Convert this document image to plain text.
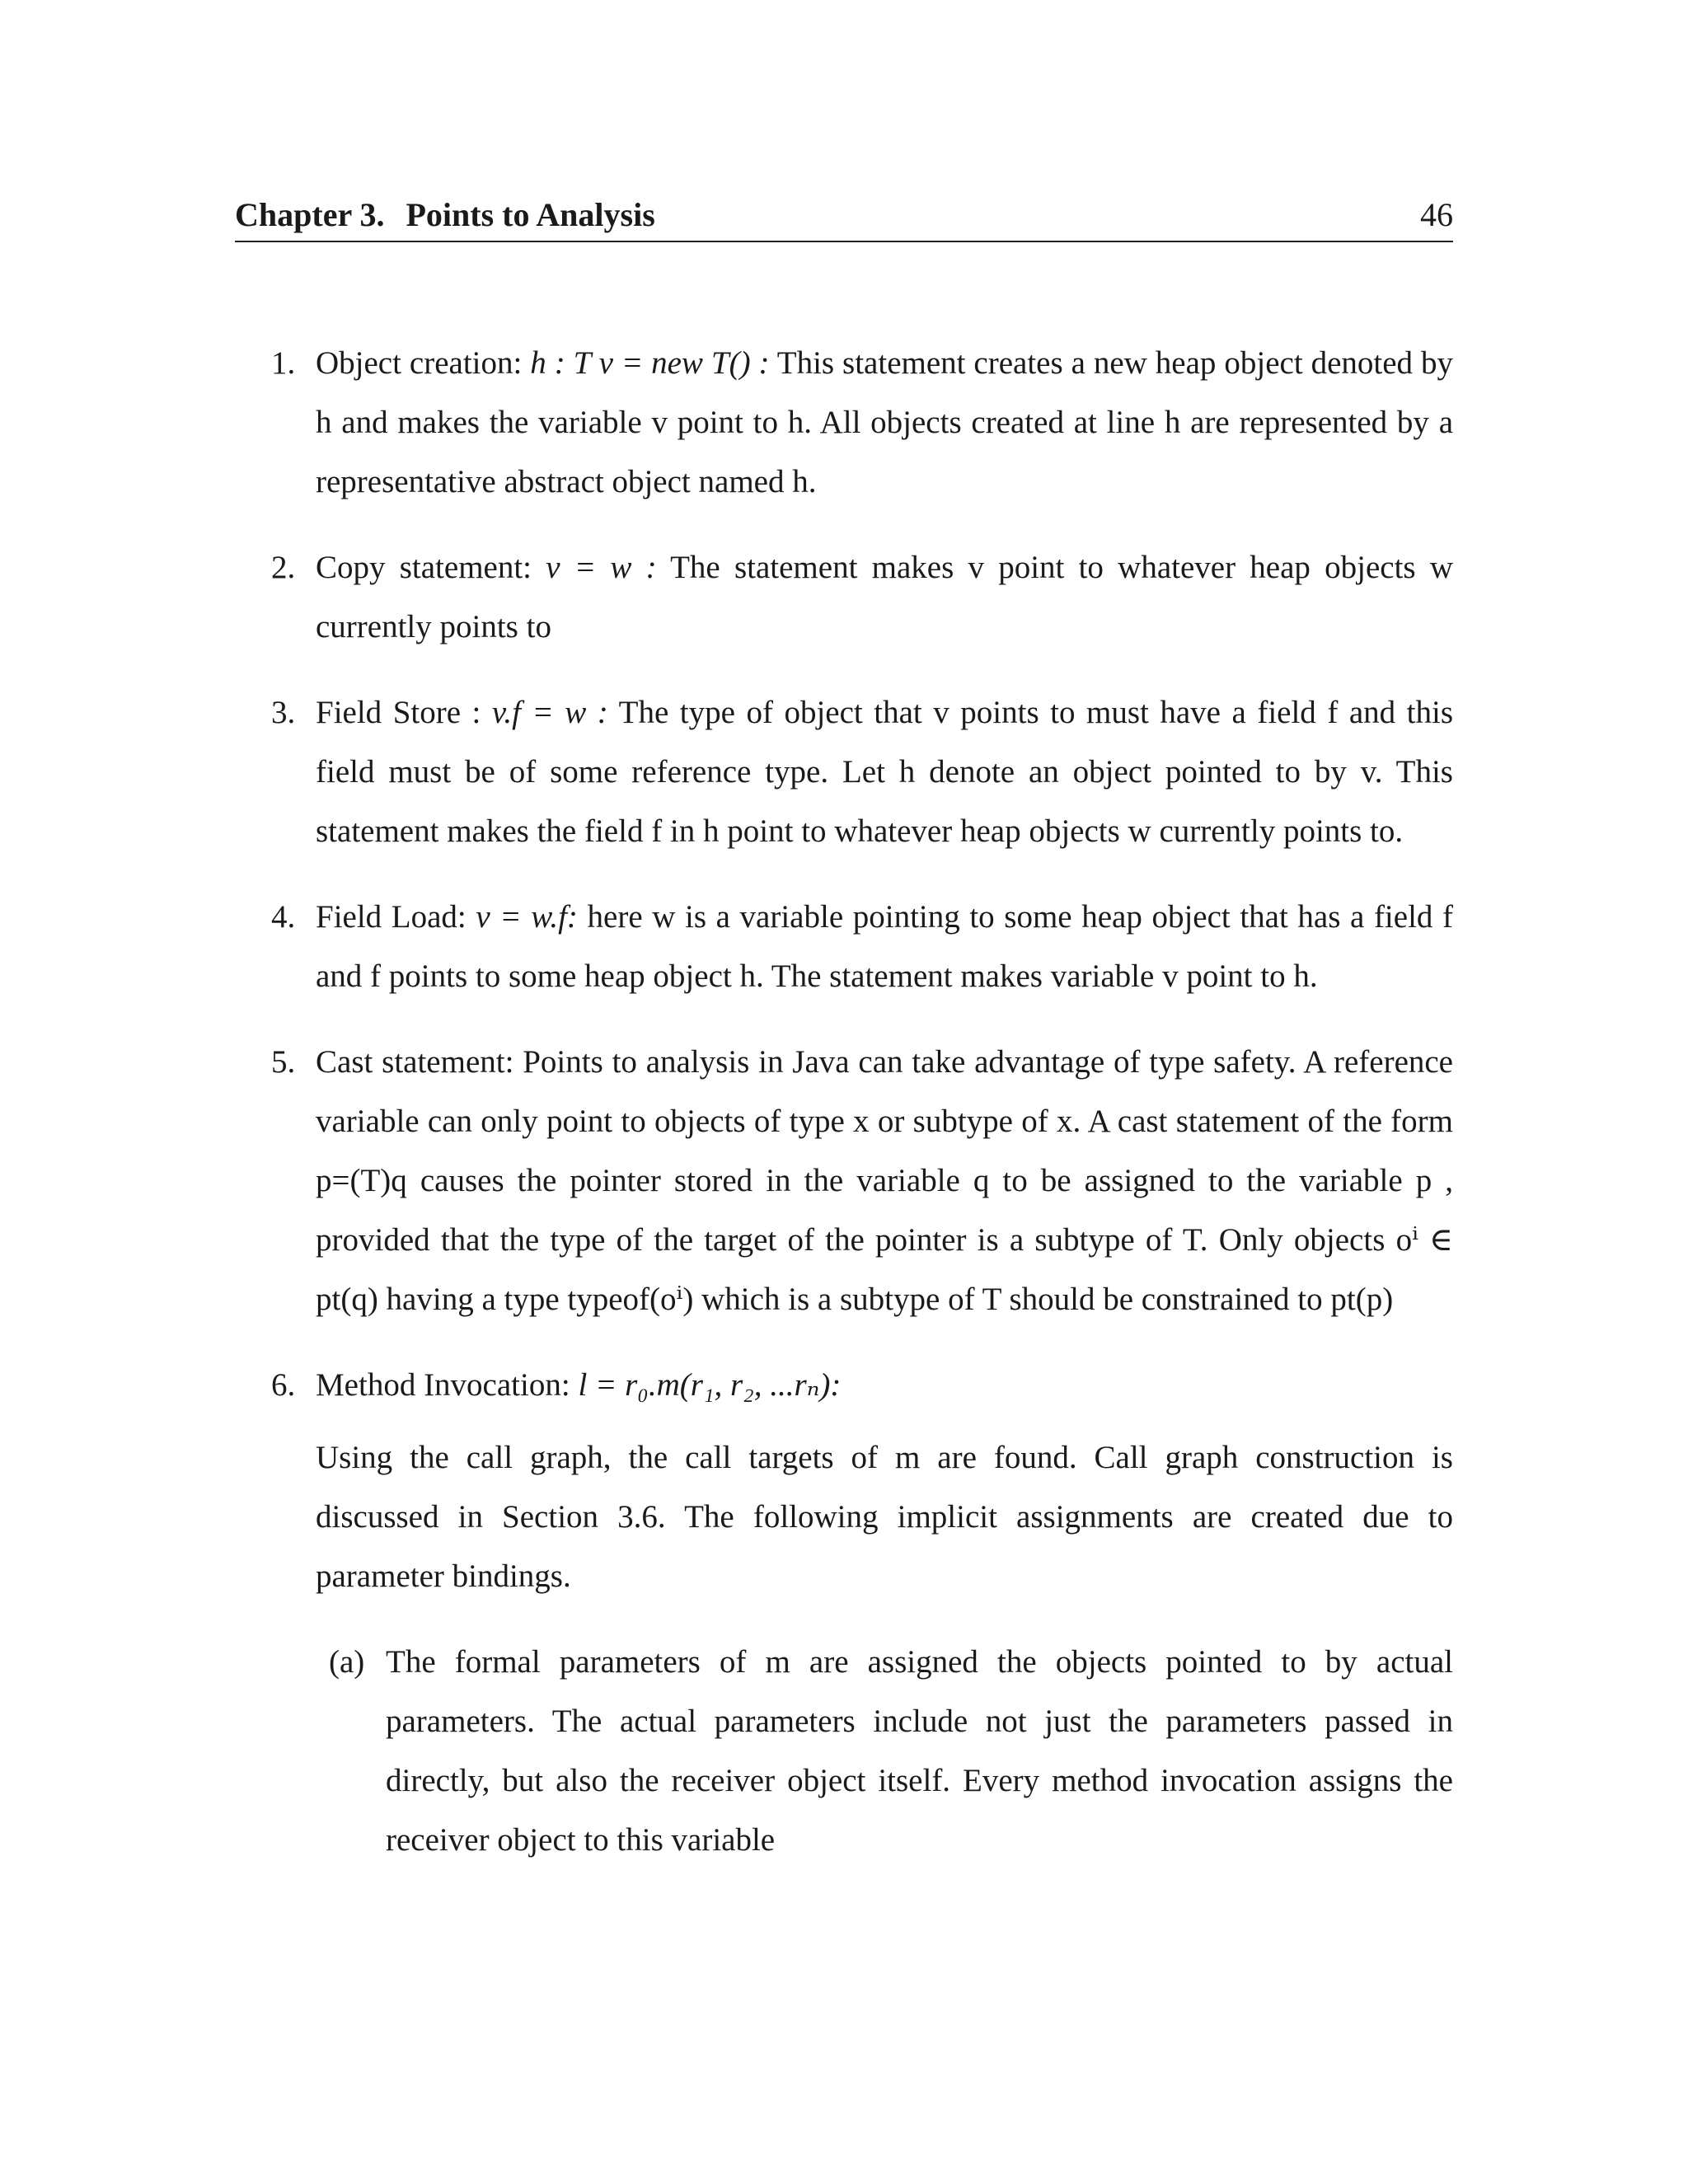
Chapter 3. Points to Analysis	46
1. Object creation: h : T v = new T() : This statement creates a new heap object denoted by h and makes the variable v point to h. All objects created at line h are represented by a representative abstract object named h.
2. Copy statement: v = w : The statement makes v point to whatever heap objects w currently points to
3. Field Store : v.f = w : The type of object that v points to must have a field f and this field must be of some reference type. Let h denote an object pointed to by v. This statement makes the field f in h point to whatever heap objects w currently points to.
4. Field Load: v = w.f: here w is a variable pointing to some heap object that has a field f and f points to some heap object h. The statement makes variable v point to h.
5. Cast statement: Points to analysis in Java can take advantage of type safety. A reference variable can only point to objects of type x or subtype of x. A cast statement of the form p=(T)q causes the pointer stored in the variable q to be assigned to the variable p , provided that the type of the target of the pointer is a subtype of T. Only objects oⁱ ∈ pt(q) having a type typeof(oⁱ) which is a subtype of T should be constrained to pt(p)
6. Method Invocation: l = r₀.m(r₁, r₂, ...rₙ):

Using the call graph, the call targets of m are found. Call graph construction is discussed in Section 3.6. The following implicit assignments are created due to parameter bindings.

(a) The formal parameters of m are assigned the objects pointed to by actual parameters. The actual parameters include not just the parameters passed in directly, but also the receiver object itself. Every method invocation assigns the receiver object to this variable
